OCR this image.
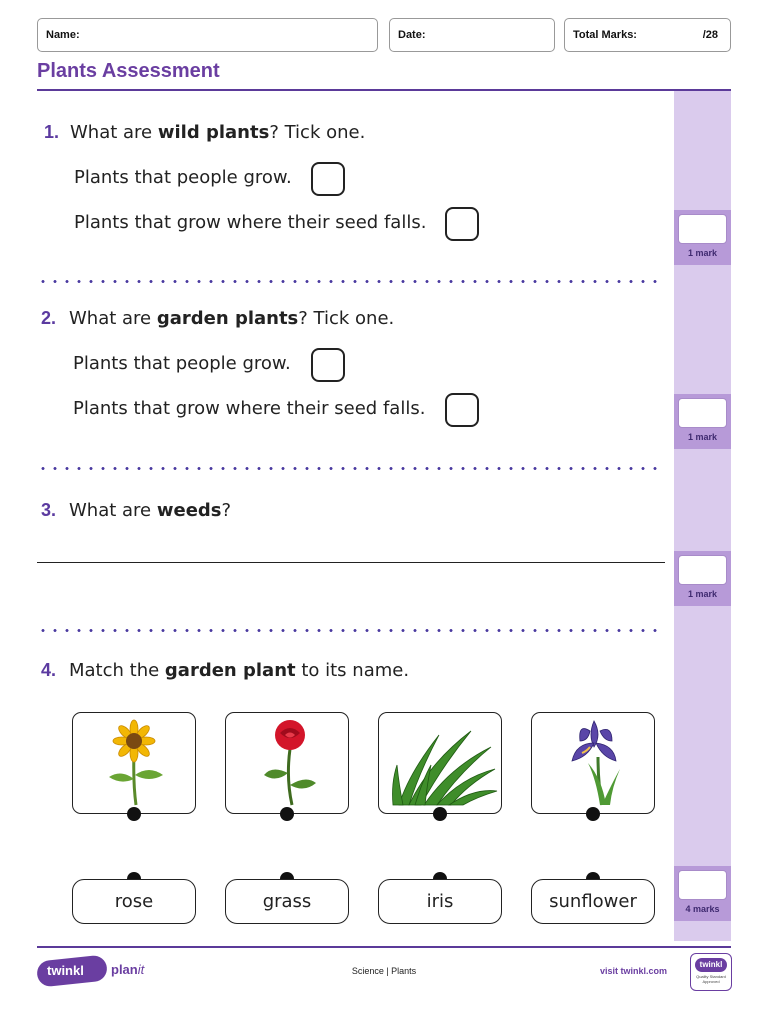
Name:	Date:	Total Marks:	/28
Plants Assessment
1 mark
1 mark
1 mark
4 marks
1. What are wild plants? Tick one.
Plants that people grow.
Plants that grow where their seed falls.
2. What are garden plants? Tick one.
Plants that people grow.
Plants that grow where their seed falls.
3. What are weeds?
4. Match the garden plant to its name.
rose	grass	iris	sunflower
twinkl planit	Science | Plants	visit twinkl.com
twinkl
Quality Standard Approved
